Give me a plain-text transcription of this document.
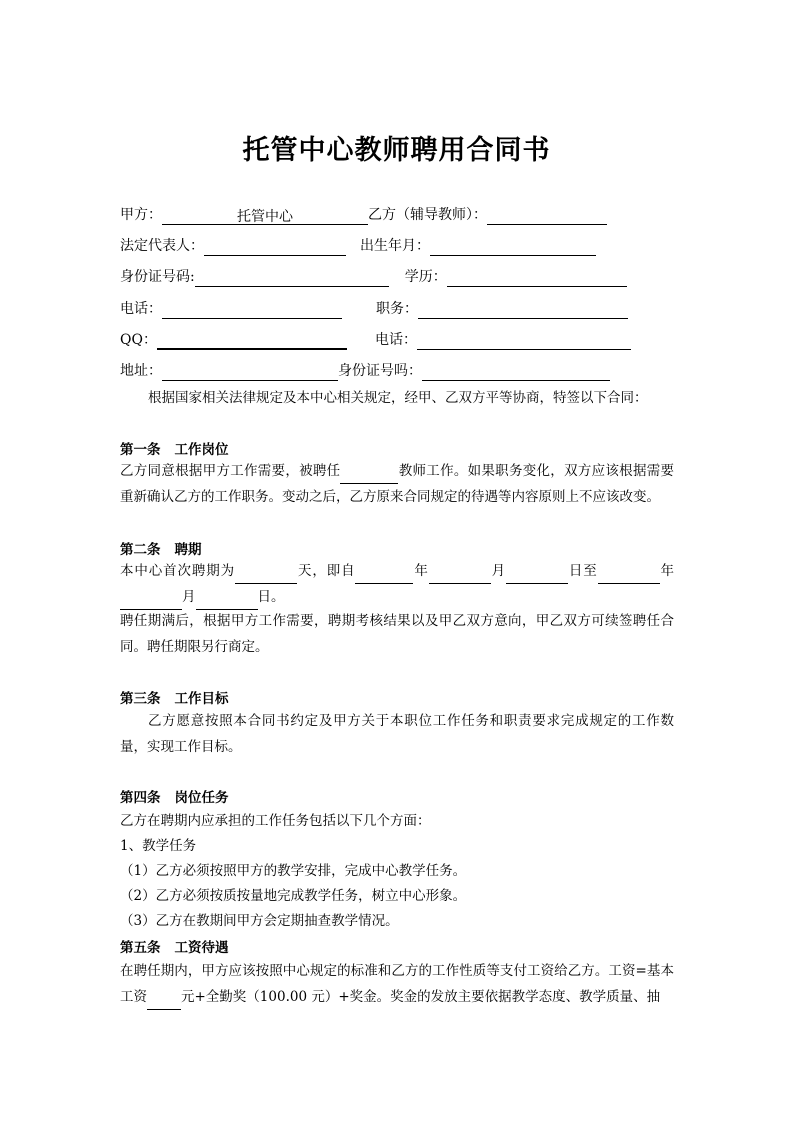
托管中心教师聘用合同书
甲方：	托管中心	乙方（辅导教师）：
法定代表人：	出生年月：
身份证号码:	学历：
电话：	职务：
QQ：	电话：
地址：	身份证号吗：
根据国家相关法律规定及本中心相关规定，经甲、乙双方平等协商，特签以下合同：
第一条 工作岗位
乙方同意根据甲方工作需要，被聘任	教师工作。如果职务变化，双方应该根据需要重新确认乙方的工作职务。变动之后，乙方原来合同规定的待遇等内容原则上不应该改变。
第二条 聘期
本中心首次聘期为	天，即自	年	月	日至	年月	日。
聘任期满后，根据甲方工作需要，聘期考核结果以及甲乙双方意向，甲乙双方可续签聘任合同。聘任期限另行商定。
第三条 工作目标
乙方愿意按照本合同书约定及甲方关于本职位工作任务和职责要求完成规定的工作数量，实现工作目标。
第四条 岗位任务
乙方在聘期内应承担的工作任务包括以下几个方面：
1、教学任务
（1）乙方必须按照甲方的教学安排，完成中心教学任务。
（2）乙方必须按质按量地完成教学任务，树立中心形象。
（3）乙方在教期间甲方会定期抽查教学情况。
第五条 工资待遇
在聘任期内，甲方应该按照中心规定的标准和乙方的工作性质等支付工资给乙方。工资=基本工资	元+全勤奖（100.00 元）+奖金。奖金的发放主要依据教学态度、教学质量、抽
